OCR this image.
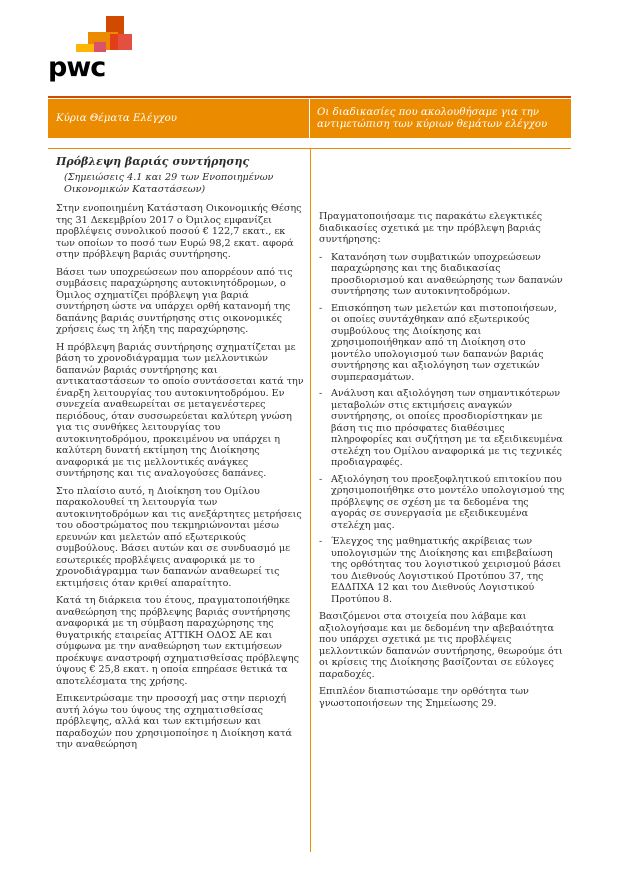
pwc
Κύρια Θέματα Ελέγχου
Οι διαδικασίες που ακολουθήσαμε για την αντιμετώπιση των κύριων θεμάτων ελέγχου

Πρόβλεψη βαριάς συντήρησης

(Σημειώσεις 4.1 και 29 των Ενοποιημένων Οικονομικών Καταστάσεων)

Στην ενοποιημένη Κατάσταση Οικονομικής Θέσης της 31 Δεκεμβρίου 2017 ο Όμιλος εμφανίζει προβλέψεις συνολικού ποσού € 122,7 εκατ., εκ των οποίων το ποσό των Ευρώ 98,2 εκατ. αφορά στην πρόβλεψη βαριάς συντήρησης.

Βάσει των υποχρεώσεων που απορρέουν από τις συμβάσεις παραχώρησης αυτοκινητόδρομων, ο Όμιλος σχηματίζει πρόβλεψη για βαριά συντήρηση ώστε να υπάρχει ορθή κατανομή της δαπάνης βαριάς συντήρησης στις οικονομικές χρήσεις έως τη λήξη της παραχώρησης.

Η πρόβλεψη βαριάς συντήρησης σχηματίζεται με βάση το χρονοδιάγραμμα των μελλοντικών δαπανών βαριάς συντήρησης και αντικαταστάσεων το οποίο συντάσσεται κατά την έναρξη λειτουργίας του αυτοκινητοδρόμου. Εν συνεχεία αναθεωρείται σε μεταγενέστερες περιόδους, όταν συσσωρεύεται καλύτερη γνώση για τις συνθήκες λειτουργίας του αυτοκινητοδρόμου, προκειμένου να υπάρχει η καλύτερη δυνατή εκτίμηση της Διοίκησης αναφορικά με τις μελλοντικές ανάγκες συντήρησης και τις αναλογούσες δαπάνες.

Στο πλαίσιο αυτό, η Διοίκηση του Ομίλου παρακολουθεί τη λειτουργία των αυτοκινητοδρόμων και τις ανεξάρτητες μετρήσεις του οδοστρώματος που τεκμηριώνονται μέσω ερευνών και μελετών από εξωτερικούς συμβούλους. Βάσει αυτών και σε συνδυασμό με εσωτερικές προβλέψεις αναφορικά με το χρονοδιάγραμμα των δαπανών αναθεωρεί τις εκτιμήσεις όταν κριθεί απαραίτητο.

Κατά τη διάρκεια του έτους, πραγματοποιήθηκε αναθεώρηση της πρόβλεψης βαριάς συντήρησης αναφορικά με τη σύμβαση παραχώρησης της θυγατρικής εταιρείας ΑΤΤΙΚΗ ΟΔΟΣ ΑΕ και σύμφωνα με την αναθεώρηση των εκτιμήσεων προέκυψε αναστροφή σχηματισθείσας πρόβλεψης ύψους € 25,8 εκατ. η οποία επηρέασε θετικά τα αποτελέσματα της χρήσης.

Επικεντρώσαμε την προσοχή μας στην περιοχή αυτή λόγω του ύψους της σχηματισθείσας πρόβλεψης, αλλά και των εκτιμήσεων και παραδοχών που χρησιμοποίησε η Διοίκηση κατά την αναθεώρηση

Πραγματοποιήσαμε τις παρακάτω ελεγκτικές διαδικασίες σχετικά με την πρόβλεψη βαριάς συντήρησης:

- Κατανόηση των συμβατικών υποχρεώσεων παραχώρησης και της διαδικασίας προσδιορισμού και αναθεώρησης των δαπανών συντήρησης των αυτοκινητοδρόμων.
- Επισκόπηση των μελετών και πιστοποιήσεων, οι οποίες συντάχθηκαν από εξωτερικούς συμβούλους της Διοίκησης και χρησιμοποιήθηκαν από τη Διοίκηση στο μοντέλο υπολογισμού των δαπανών βαριάς συντήρησης και αξιολόγηση των σχετικών συμπερασμάτων.
- Ανάλυση και αξιολόγηση των σημαντικότερων μεταβολών στις εκτιμήσεις αναγκών συντήρησης, οι οποίες προσδιορίστηκαν με βάση τις πιο πρόσφατες διαθέσιμες πληροφορίες και συζήτηση με τα εξειδικευμένα στελέχη του Ομίλου αναφορικά με τις τεχνικές προδιαγραφές.
- Αξιολόγηση του προεξοφλητικού επιτοκίου που χρησιμοποιήθηκε στο μοντέλο υπολογισμού της πρόβλεψης σε σχέση με τα δεδομένα της αγοράς σε συνεργασία με εξειδικευμένα στελέχη μας.
- Έλεγχος της μαθηματικής ακρίβειας των υπολογισμών της Διοίκησης και επιβεβαίωση της ορθότητας του λογιστικού χειρισμού βάσει του Διεθνούς Λογιστικού Προτύπου 37, της ΕΔΔΠΧΑ 12 και του Διεθνούς Λογιστικού Προτύπου 8.

Βασιζόμενοι στα στοιχεία που λάβαμε και αξιολογήσαμε και με δεδομένη την αβεβαιότητα που υπάρχει σχετικά με τις προβλέψεις μελλοντικών δαπανών συντήρησης, θεωρούμε ότι οι κρίσεις της Διοίκησης βασίζονται σε εύλογες παραδοχές.

Επιπλέον διαπιστώσαμε την ορθότητα των γνωστοποιήσεων της Σημείωσης 29.
